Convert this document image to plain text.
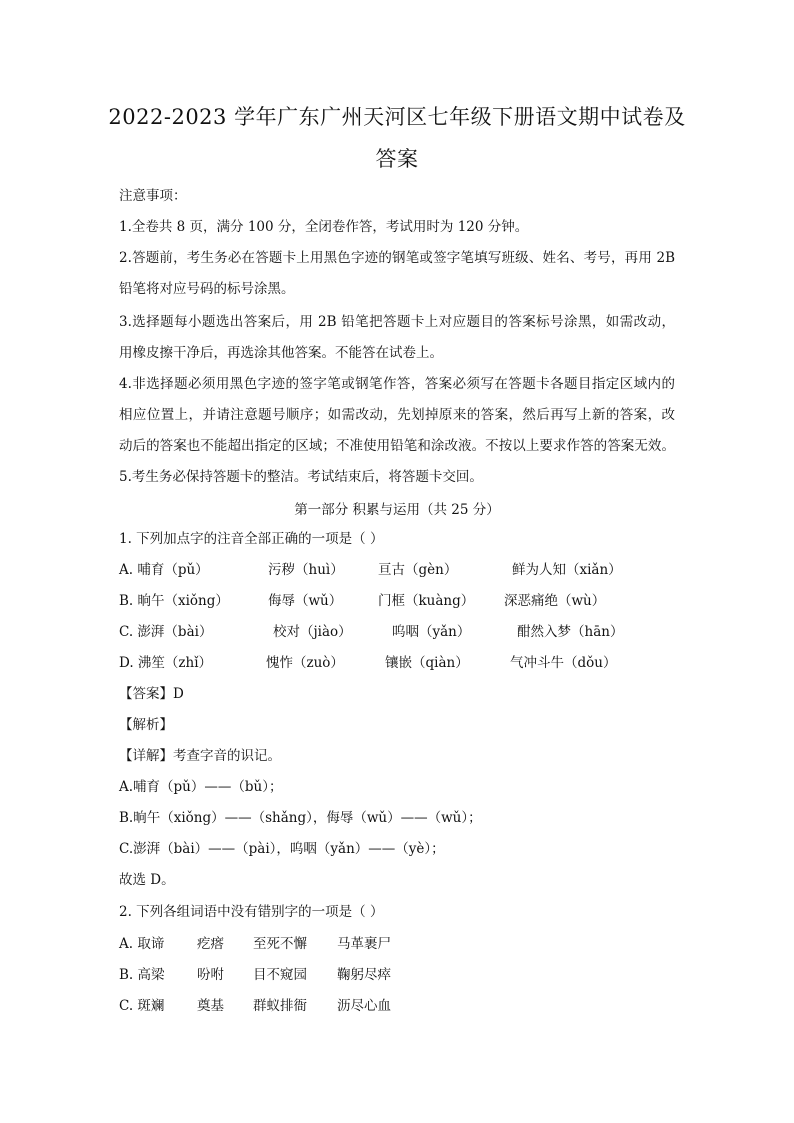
2022-2023 学年广东广州天河区七年级下册语文期中试卷及
答案
注意事项：
1.全卷共 8 页，满分 100 分，全闭卷作答，考试用时为 120 分钟。
2.答题前，考生务必在答题卡上用黑色字迹的钢笔或签字笔填写班级、姓名、考号，再用 2B
铅笔将对应号码的标号涂黑。
3.选择题每小题选出答案后，用 2B 铅笔把答题卡上对应题目的答案标号涂黑，如需改动，
用橡皮擦干净后，再选涂其他答案。不能答在试卷上。
4.非选择题必须用黑色字迹的签字笔或钢笔作答，答案必须写在答题卡各题目指定区域内的
相应位置上，并请注意题号顺序；如需改动，先划掉原来的答案，然后再写上新的答案，改
动后的答案也不能超出指定的区域；不准使用铅笔和涂改液。不按以上要求作答的答案无效。
5.考生务必保持答题卡的整洁。考试结束后，将答题卡交回。
第一部分 积累与运用（共 25 分）
1. 下列加点字的注音全部正确的一项是（ ）
A. 哺育（pǔ）	污秽（huì）	亘古（gèn）	鲜为人知（xiǎn）
B. 晌午（xiǒng）	侮辱（wǔ）	门框（kuàng） 深恶痛绝（wù）
C. 澎湃（bài）	校对（jiào）	呜咽（yǎn）	酣然入梦（hān）
D. 沸笙（zhǐ）	愧怍（zuò）	镶嵌（qiàn）	气冲斗牛（dǒu）
【答案】D
【解析】
【详解】考查字音的识记。
A.哺育（pǔ）——（bǔ）；
B.晌午（xiǒng）——（shǎng），侮辱（wǔ）——（wǔ）；
C.澎湃（bài）——（pài），呜咽（yǎn）——（yè）；
故选 D。
2. 下列各组词语中没有错别字的一项是（ ）
A. 取谛 疙瘩 至死不懈 马革裹尸
B. 高梁 吩咐 目不窥园 鞠躬尽瘁
C. 斑斓 奠基 群蚁排衙 沥尽心血
